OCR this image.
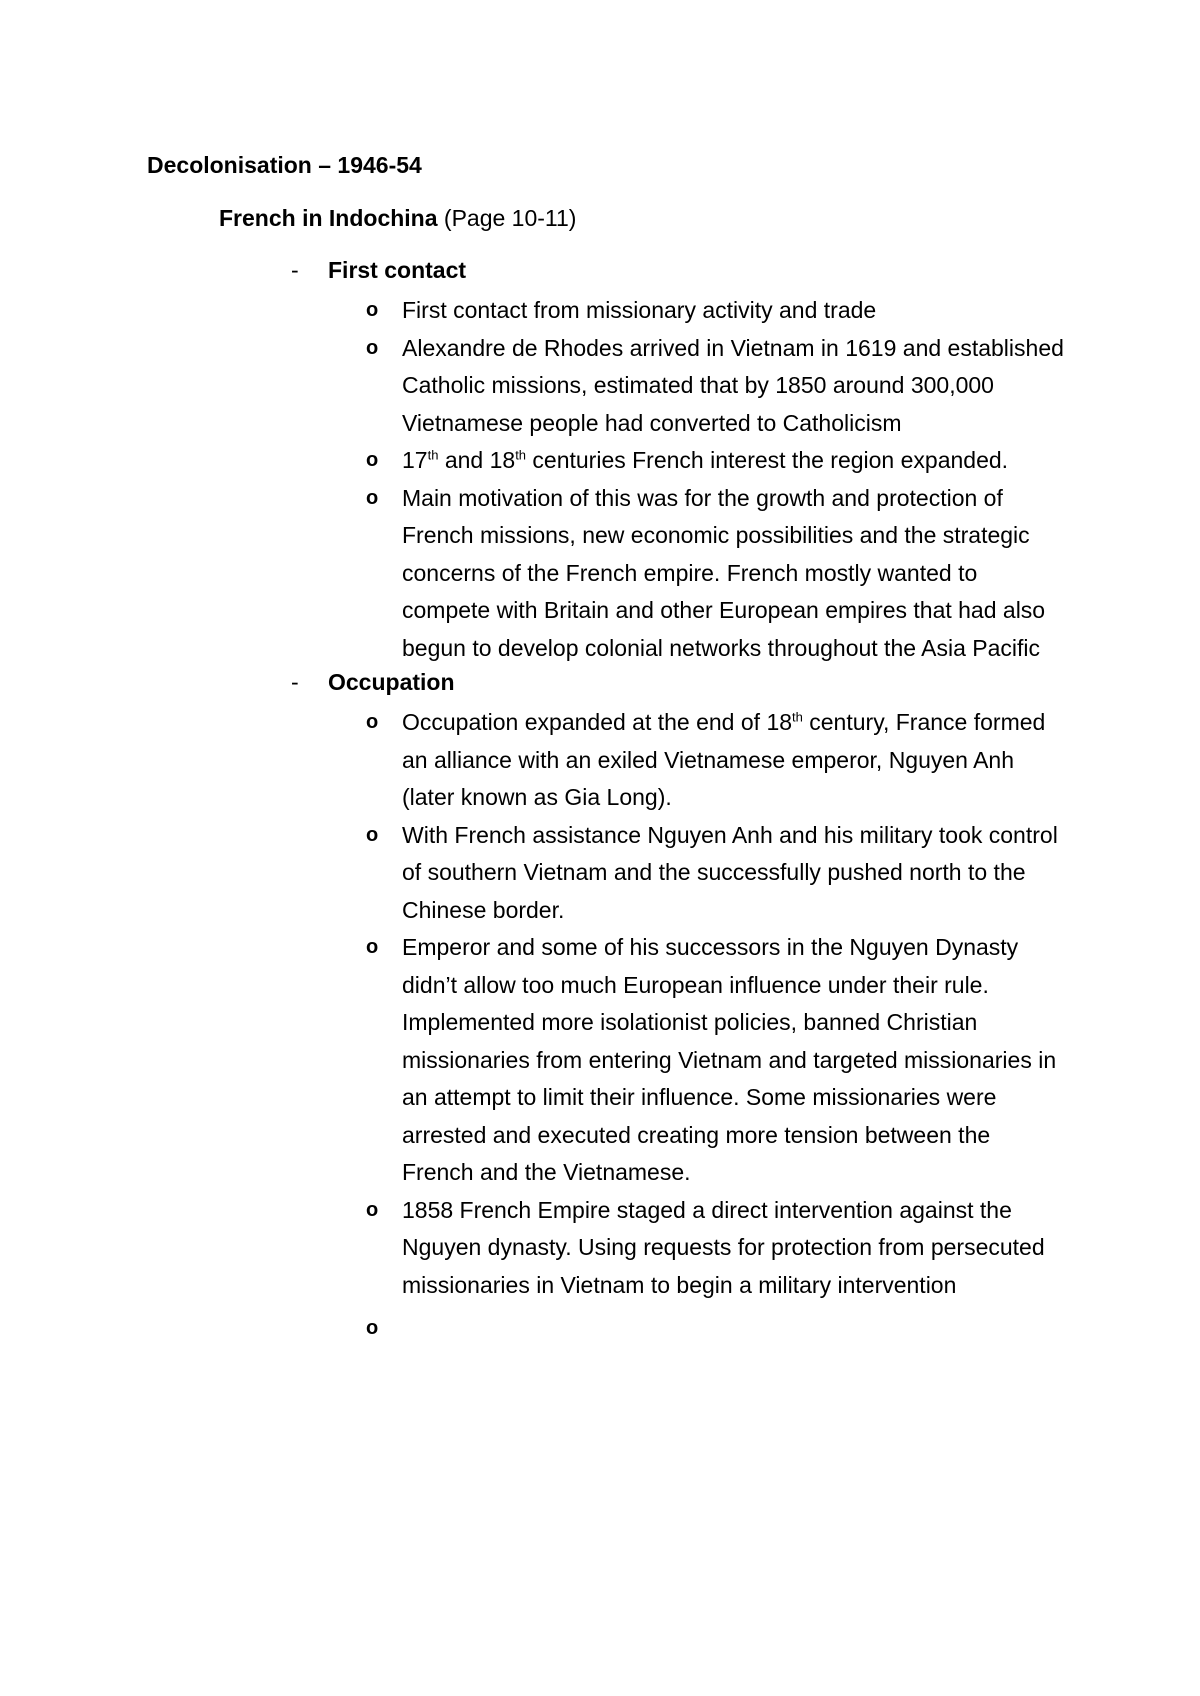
Decolonisation – 1946-54
French in Indochina (Page 10-11)
- First contact
o First contact from missionary activity and trade
o Alexandre de Rhodes arrived in Vietnam in 1619 and established Catholic missions, estimated that by 1850 around 300,000 Vietnamese people had converted to Catholicism
o 17th and 18th centuries French interest the region expanded.
o Main motivation of this was for the growth and protection of French missions, new economic possibilities and the strategic concerns of the French empire. French mostly wanted to compete with Britain and other European empires that had also begun to develop colonial networks throughout the Asia Pacific
- Occupation
o Occupation expanded at the end of 18th century, France formed an alliance with an exiled Vietnamese emperor, Nguyen Anh (later known as Gia Long).
o With French assistance Nguyen Anh and his military took control of southern Vietnam and the successfully pushed north to the Chinese border.
o Emperor and some of his successors in the Nguyen Dynasty didn’t allow too much European influence under their rule. Implemented more isolationist policies, banned Christian missionaries from entering Vietnam and targeted missionaries in an attempt to limit their influence. Some missionaries were arrested and executed creating more tension between the French and the Vietnamese.
o 1858 French Empire staged a direct intervention against the Nguyen dynasty. Using requests for protection from persecuted missionaries in Vietnam to begin a military intervention
o
